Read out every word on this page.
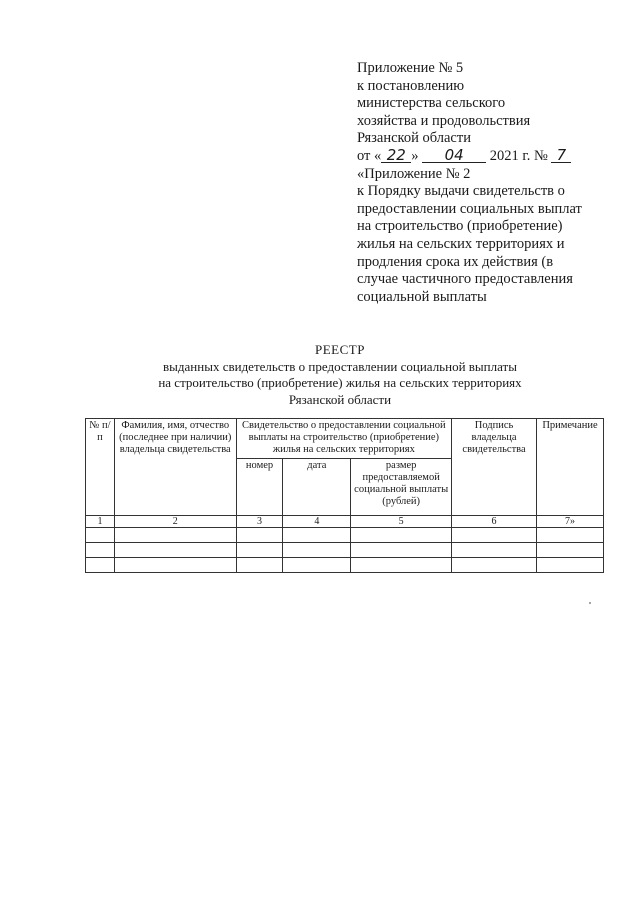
Приложение № 5
к постановлению
министерства сельского
хозяйства и продовольствия
Рязанской области
от « 22 » 04 2021 г. № 7
«Приложение № 2
к Порядку выдачи свидетельств о
предоставлении социальных выплат
на строительство (приобретение)
жилья на сельских территориях и
продления срока их действия (в
случае частичного предоставления
социальной выплаты
РЕЕСТР
выданных свидетельств о предоставлении социальной выплаты
на строительство (приобретение) жилья на сельских территориях
Рязанской области
№ п/п	Фамилия, имя, отчество (последнее при наличии) владельца свидетельства	Свидетельство о предоставлении социальной выплаты на строительство (приобретение) жилья на сельских территориях			Подпись владельца свидетельства	Примечание
		номер	дата	размер предоставляемой социальной выплаты (рублей)		
1	2	3	4	5	6	7»
